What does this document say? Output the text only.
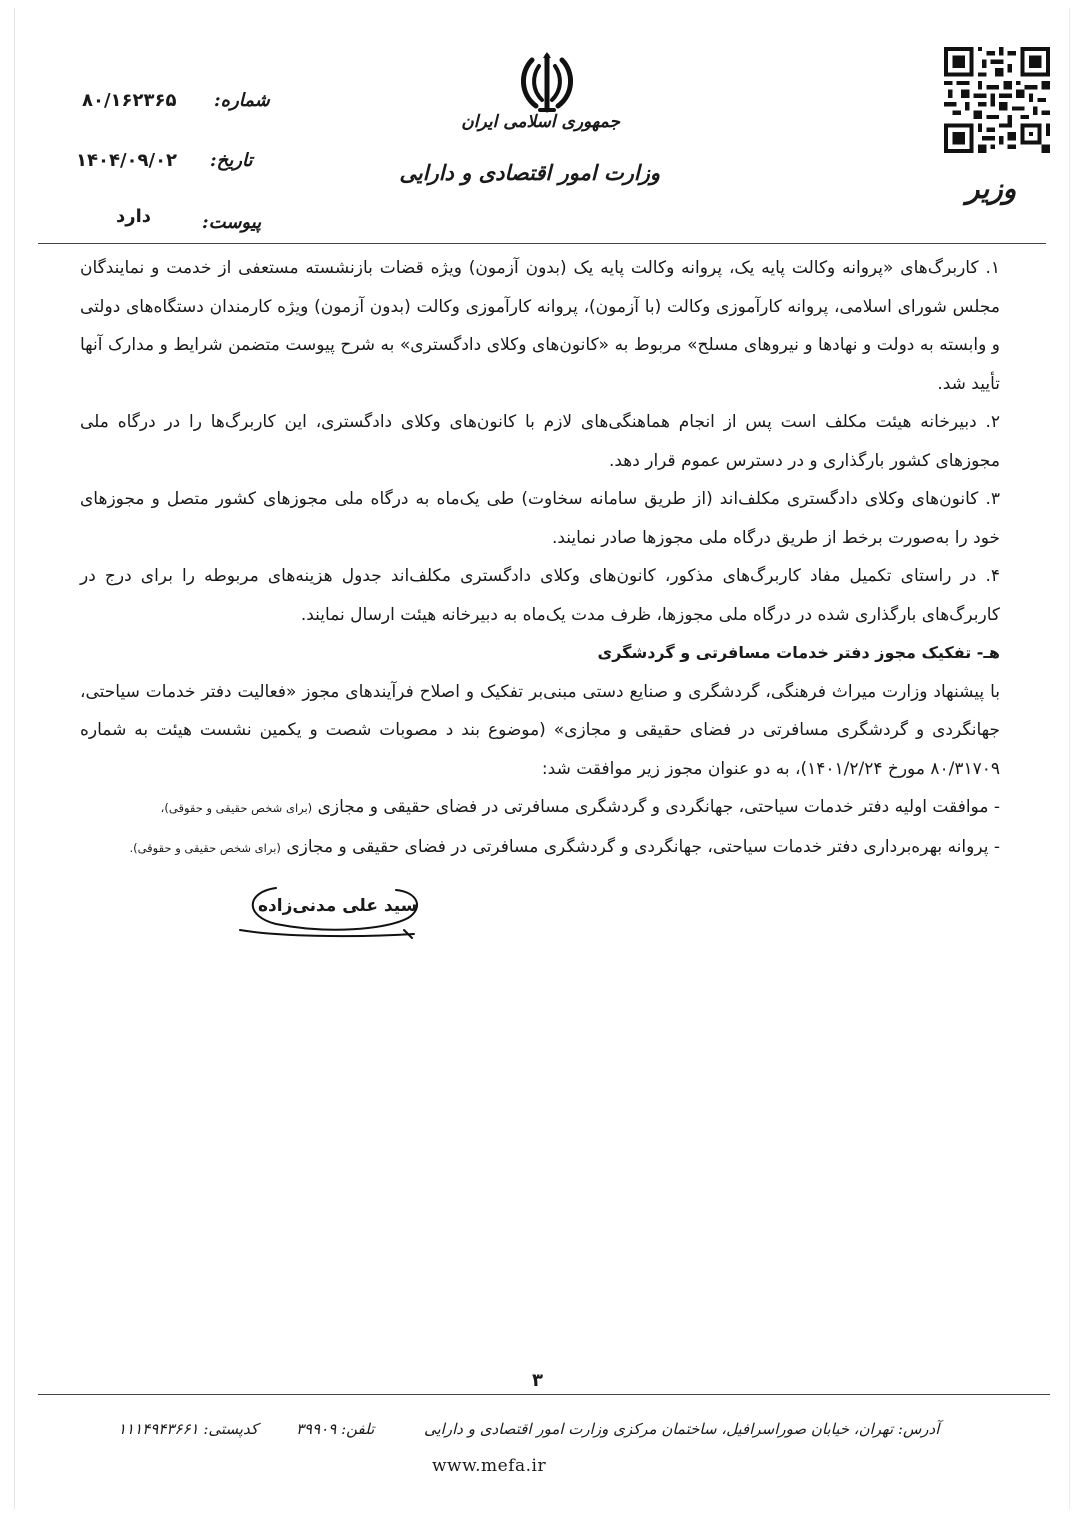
جمهوری اسلامی ایران
وزارت امور اقتصادی و دارایی	وزیر
شماره:
۸۰/۱۶۲۳۶۵
تاریخ:
۱۴۰۴/۰۹/۰۲
پیوست:
دارد

۱. کاربرگ‌های «پروانه وکالت پایه یک، پروانه وکالت پایه یک (بدون آزمون) ویژه قضات بازنشسته مستعفی از خدمت و نمایندگان مجلس شورای اسلامی، پروانه کارآموزی وکالت (با آزمون)، پروانه کارآموزی وکالت (بدون آزمون) ویژه کارمندان دستگاه‌های دولتی و وابسته به دولت و نهادها و نیروهای مسلح» مربوط به «کانون‌های وکلای دادگستری» به شرح پیوست متضمن شرایط و مدارک آنها تأیید شد.

۲. دبیرخانه هیئت مکلف است پس از انجام هماهنگی‌های لازم با کانون‌های وکلای دادگستری، این کاربرگ‌ها را در درگاه ملی مجوزهای کشور بارگذاری و در دسترس عموم قرار دهد.

۳. کانون‌های وکلای دادگستری مکلف‌اند (از طریق سامانه سخاوت) طی یک‌ماه به درگاه ملی مجوزهای کشور متصل و مجوزهای خود را به‌صورت برخط از طریق درگاه ملی مجوزها صادر نمایند.

۴. در راستای تکمیل مفاد کاربرگ‌های مذکور، کانون‌های وکلای دادگستری مکلف‌اند جدول هزینه‌های مربوطه را برای درج در کاربرگ‌های بارگذاری شده در درگاه ملی مجوزها، ظرف مدت یک‌ماه به دبیرخانه هیئت ارسال نمایند.

هـ- تفکیک مجوز دفتر خدمات مسافرتی و گردشگری

با پیشنهاد وزارت میراث فرهنگی، گردشگری و صنایع دستی مبنی‌بر تفکیک و اصلاح فرآیندهای مجوز «فعالیت دفتر خدمات سیاحتی، جهانگردی و گردشگری مسافرتی در فضای حقیقی و مجازی» (موضوع بند د مصوبات شصت و یکمین نشست هیئت به شماره ۸۰/۳۱۷۰۹ مورخ ۱۴۰۱/۲/۲۴)، به دو عنوان مجوز زیر موافقت شد:

- موافقت اولیه دفتر خدمات سیاحتی، جهانگردی و گردشگری مسافرتی در فضای حقیقی و مجازی (برای شخص حقیقی و حقوقی)،

- پروانه بهره‌برداری دفتر خدمات سیاحتی، جهانگردی و گردشگری مسافرتی در فضای حقیقی و مجازی (برای شخص حقیقی و حقوقی).

سید علی مدنی‌زاده
۳
آدرس: تهران، خیابان صوراسرافیل، ساختمان مرکزی وزارت امور اقتصادی و دارایی
تلفن: ۳۹۹۰۹
کدپستی: ۱۱۱۴۹۴۳۶۶۱
www.mefa.ir
